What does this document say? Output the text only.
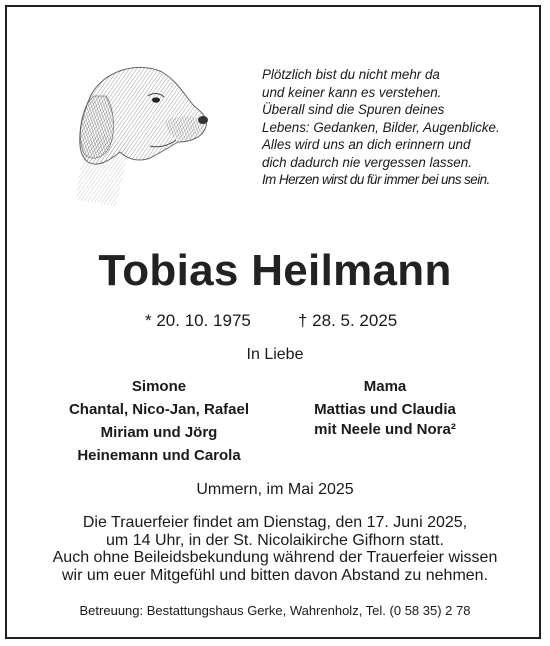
Plötzlich bist du nicht mehr da
und keiner kann es verstehen.
Überall sind die Spuren deines
Lebens: Gedanken, Bilder, Augenblicke.
Alles wird uns an dich erinnern und
dich dadurch nie vergessen lassen.
Im Herzen wirst du für immer bei uns sein.
Tobias Heilmann
* 20. 10. 1975	† 28. 5. 2025
In Liebe
Simone
Chantal, Nico-Jan, Rafael
Miriam und Jörg
Heinemann und Carola
Mama
Mattias und Claudia
mit Neele und Nora²
Ummern, im Mai 2025
Die Trauerfeier findet am Dienstag, den 17. Juni 2025,
um 14 Uhr, in der St. Nicolaikirche Gifhorn statt.
Auch ohne Beileidsbekundung während der Trauerfeier wissen
wir um euer Mitgefühl und bitten davon Abstand zu nehmen.
Betreuung: Bestattungshaus Gerke, Wahrenholz, Tel. (0 58 35) 2 78
